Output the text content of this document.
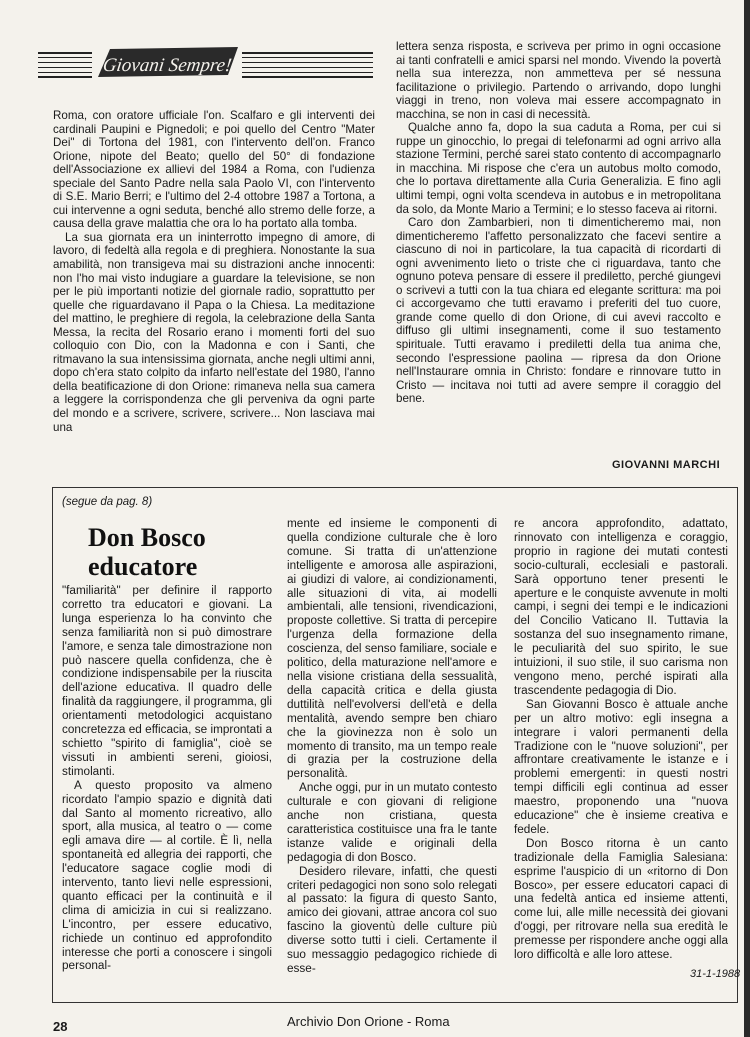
Giovani Sempre!

Roma, con oratore ufficiale l'on. Scalfaro e gli interventi dei cardinali Paupini e Pignedoli; e poi quello del Centro "Mater Dei" di Tortona del 1981, con l'intervento dell'on. Franco Orione, nipote del Beato; quello del 50° di fondazione dell'Associazione ex allievi del 1984 a Roma, con l'udienza speciale del Santo Padre nella sala Paolo VI, con l'intervento di S.E. Mario Berri; e l'ultimo del 2-4 ottobre 1987 a Tortona, a cui intervenne a ogni seduta, benché allo stremo delle forze, a causa della grave malattia che ora lo ha portato alla tomba.

La sua giornata era un ininterrotto impegno di amore, di lavoro, di fedeltà alla regola e di preghiera. Nonostante la sua amabilità, non transigeva mai su distrazioni anche innocenti: non l'ho mai visto indugiare a guardare la televisione, se non per le più importanti notizie del giornale radio, soprattutto per quelle che riguardavano il Papa o la Chiesa. La meditazione del mattino, le preghiere di regola, la celebrazione della Santa Messa, la recita del Rosario erano i momenti forti del suo colloquio con Dio, con la Madonna e con i Santi, che ritmavano la sua intensissima giornata, anche negli ultimi anni, dopo ch'era stato colpito da infarto nell'estate del 1980, l'anno della beatificazione di don Orione: rimaneva nella sua camera a leggere la corrispondenza che gli perveniva da ogni parte del mondo e a scrivere, scrivere, scrivere... Non lasciava mai una

lettera senza risposta, e scriveva per primo in ogni occasione ai tanti confratelli e amici sparsi nel mondo. Vivendo la povertà nella sua interezza, non ammetteva per sé nessuna facilitazione o privilegio. Partendo o arrivando, dopo lunghi viaggi in treno, non voleva mai essere accompagnato in macchina, se non in casi di necessità.

Qualche anno fa, dopo la sua caduta a Roma, per cui si ruppe un ginocchio, lo pregai di telefonarmi ad ogni arrivo alla stazione Termini, perché sarei stato contento di accompagnarlo in macchina. Mi rispose che c'era un autobus molto comodo, che lo portava direttamente alla Curia Generalizia. E fino agli ultimi tempi, ogni volta scendeva in autobus e in metropolitana da solo, da Monte Mario a Termini; e lo stesso faceva ai ritorni.

Caro don Zambarbieri, non ti dimenticheremo mai, non dimenticheremo l'affetto personalizzato che facevi sentire a ciascuno di noi in particolare, la tua capacità di ricordarti di ogni avvenimento lieto o triste che ci riguardava, tanto che ognuno poteva pensare di essere il prediletto, perché giungevi o scrivevi a tutti con la tua chiara ed elegante scrittura: ma poi ci accorgevamo che tutti eravamo i preferiti del tuo cuore, grande come quello di don Orione, di cui avevi raccolto e diffuso gli ultimi insegnamenti, come il suo testamento spirituale. Tutti eravamo i prediletti della tua anima che, secondo l'espressione paolina — ripresa da don Orione nell'Instaurare omnia in Christo: fondare e rinnovare tutto in Cristo — incitava noi tutti ad avere sempre il coraggio del bene.

GIOVANNI MARCHI
(segue da pag. 8)
Don Bosco
educatore

"familiarità" per definire il rapporto corretto tra educatori e giovani. La lunga esperienza lo ha convinto che senza familiarità non si può dimostrare l'amore, e senza tale dimostrazione non può nascere quella confidenza, che è condizione indispensabile per la riuscita dell'azione educativa. Il quadro delle finalità da raggiungere, il programma, gli orientamenti metodologici acquistano concretezza ed efficacia, se improntati a schietto "spirito di famiglia", cioè se vissuti in ambienti sereni, gioiosi, stimolanti.

A questo proposito va almeno ricordato l'ampio spazio e dignità dati dal Santo al momento ricreativo, allo sport, alla musica, al teatro o — come egli amava dire — al cortile. È lì, nella spontaneità ed allegria dei rapporti, che l'educatore sagace coglie modi di intervento, tanto lievi nelle espressioni, quanto efficaci per la continuità e il clima di amicizia in cui si realizzano. L'incontro, per essere educativo, richiede un continuo ed approfondito interesse che porti a conoscere i singoli personal-

mente ed insieme le componenti di quella condizione culturale che è loro comune. Si tratta di un'attenzione intelligente e amorosa alle aspirazioni, ai giudizi di valore, ai condizionamenti, alle situazioni di vita, ai modelli ambientali, alle tensioni, rivendicazioni, proposte collettive. Si tratta di percepire l'urgenza della formazione della coscienza, del senso familiare, sociale e politico, della maturazione nell'amore e nella visione cristiana della sessualità, della capacità critica e della giusta duttilità nell'evolversi dell'età e della mentalità, avendo sempre ben chiaro che la giovinezza non è solo un momento di transito, ma un tempo reale di grazia per la costruzione della personalità.

Anche oggi, pur in un mutato contesto culturale e con giovani di religione anche non cristiana, questa caratteristica costituisce una fra le tante istanze valide e originali della pedagogia di don Bosco.

Desidero rilevare, infatti, che questi criteri pedagogici non sono solo relegati al passato: la figura di questo Santo, amico dei giovani, attrae ancora col suo fascino la gioventù delle culture più diverse sotto tutti i cieli. Certamente il suo messaggio pedagogico richiede di esse-

re ancora approfondito, adattato, rinnovato con intelligenza e coraggio, proprio in ragione dei mutati contesti socio-culturali, ecclesiali e pastorali. Sarà opportuno tener presenti le aperture e le conquiste avvenute in molti campi, i segni dei tempi e le indicazioni del Concilio Vaticano II. Tuttavia la sostanza del suo insegnamento rimane, le peculiarità del suo spirito, le sue intuizioni, il suo stile, il suo carisma non vengono meno, perché ispirati alla trascendente pedagogia di Dio.

San Giovanni Bosco è attuale anche per un altro motivo: egli insegna a integrare i valori permanenti della Tradizione con le "nuove soluzioni", per affrontare creativamente le istanze e i problemi emergenti: in questi nostri tempi difficili egli continua ad esser maestro, proponendo una "nuova educazione" che è insieme creativa e fedele.

Don Bosco ritorna è un canto tradizionale della Famiglia Salesiana: esprime l'auspicio di un «ritorno di Don Bosco», per essere educatori capaci di una fedeltà antica ed insieme attenti, come lui, alle mille necessità dei giovani d'oggi, per ritrovare nella sua eredità le premesse per rispondere anche oggi alla loro difficoltà e alle loro attese.

31-1-1988
28	Archivio Don Orione - Roma
